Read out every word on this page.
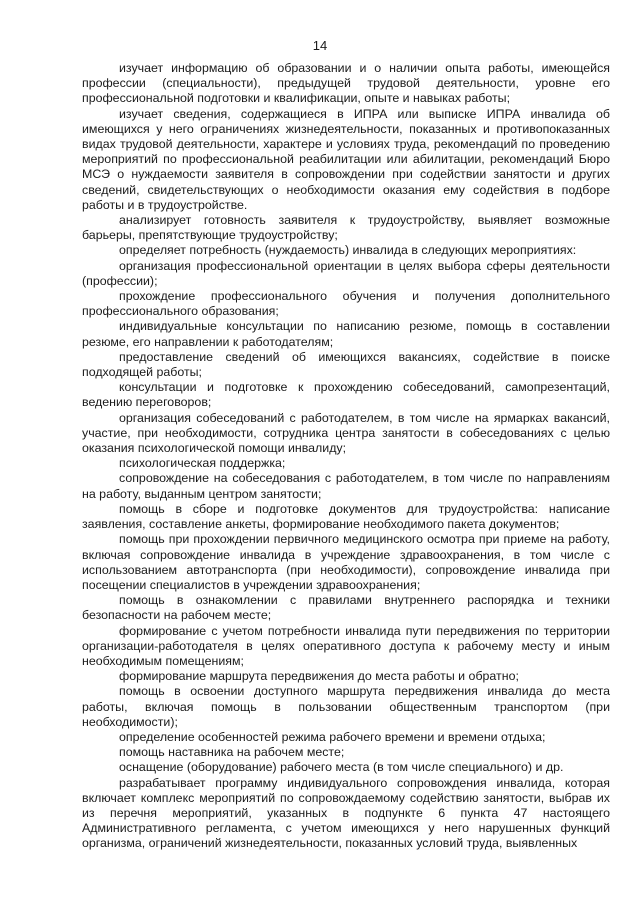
14

изучает информацию об образовании и о наличии опыта работы, имеющейся профессии (специальности), предыдущей трудовой деятельности, уровне его профессиональной подготовки и квалификации, опыте и навыках работы;

изучает сведения, содержащиеся в ИПРА или выписке ИПРА инвалида об имеющихся у него ограничениях жизнедеятельности, показанных и противопоказанных видах трудовой деятельности, характере и условиях труда, рекомендаций по проведению мероприятий по профессиональной реабилитации или абилитации, рекомендаций Бюро МСЭ о нуждаемости заявителя в сопровождении при содействии занятости и других сведений, свидетельствующих о необходимости оказания ему содействия в подборе работы и в трудоустройстве.

анализирует готовность заявителя к трудоустройству, выявляет возможные барьеры, препятствующие трудоустройству;

определяет потребность (нуждаемость) инвалида в следующих мероприятиях:

организация профессиональной ориентации в целях выбора сферы деятельности (профессии);

прохождение профессионального обучения и получения дополнительного профессионального образования;

индивидуальные консультации по написанию резюме, помощь в составлении резюме, его направлении к работодателям;

предоставление сведений об имеющихся вакансиях, содействие в поиске подходящей работы;

консультации и подготовке к прохождению собеседований, самопрезентаций, ведению переговоров;

организация собеседований с работодателем, в том числе на ярмарках вакансий, участие, при необходимости, сотрудника центра занятости в собеседованиях с целью оказания психологической помощи инвалиду;

психологическая поддержка;

сопровождение на собеседования с работодателем, в том числе по направлениям на работу, выданным центром занятости;

помощь в сборе и подготовке документов для трудоустройства: написание заявления, составление анкеты, формирование необходимого пакета документов;

помощь при прохождении первичного медицинского осмотра при приеме на работу, включая сопровождение инвалида в учреждение здравоохранения, в том числе с использованием автотранспорта (при необходимости), сопровождение инвалида при посещении специалистов в учреждении здравоохранения;

помощь в ознакомлении с правилами внутреннего распорядка и техники безопасности на рабочем месте;

формирование с учетом потребности инвалида пути передвижения по территории организации-работодателя в целях оперативного доступа к рабочему месту и иным необходимым помещениям;

формирование маршрута передвижения до места работы и обратно;

помощь в освоении доступного маршрута передвижения инвалида до места работы, включая помощь в пользовании общественным транспортом (при необходимости);

определение особенностей режима рабочего времени и времени отдыха;

помощь наставника на рабочем месте;

оснащение (оборудование) рабочего места (в том числе специального) и др.

разрабатывает программу индивидуального сопровождения инвалида, которая включает комплекс мероприятий по сопровождаемому содействию занятости, выбрав их из перечня мероприятий, указанных в подпункте 6 пункта 47 настоящего Административного регламента, с учетом имеющихся у него нарушенных функций организма, ограничений жизнедеятельности, показанных условий труда, выявленных
